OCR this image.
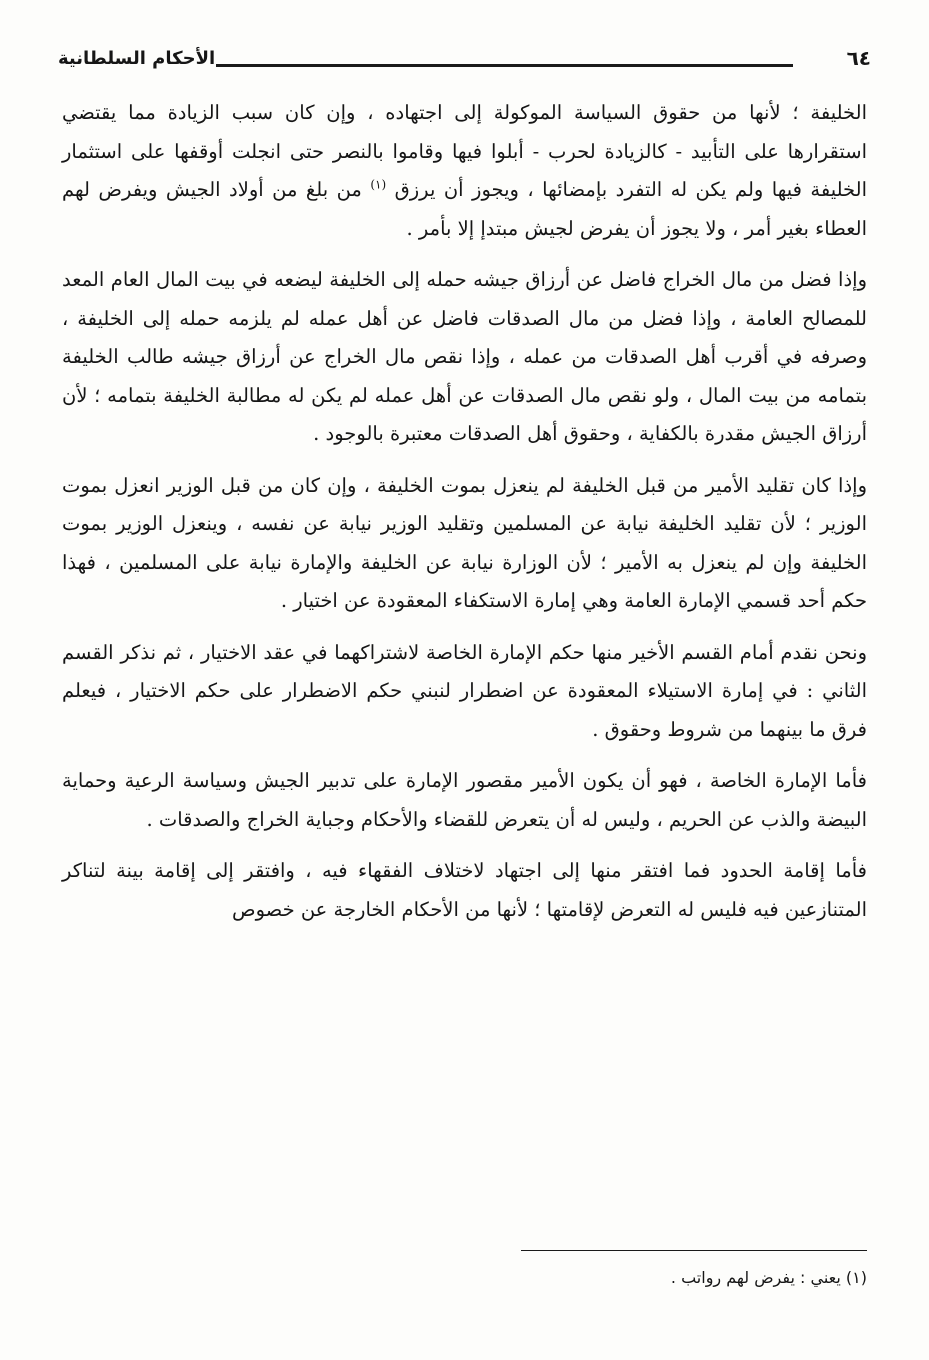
الأحكام السلطانية	٦٤

الخليفة ؛ لأنها من حقوق السياسة الموكولة إلى اجتهاده ، وإن كان سبب الزيادة مما يقتضي استقرارها على التأبيد - كالزيادة لحرب - أبلوا فيها وقاموا بالنصر حتى انجلت أوقفها على استثمار الخليفة فيها ولم يكن له التفرد بإمضائها ، ويجوز أن يرزق $^{(١)}$ من بلغ من أولاد الجيش ويفرض لهم العطاء بغير أمر ، ولا يجوز أن يفرض لجيش مبتدإ إلا بأمر .

وإذا فضل من مال الخراج فاضل عن أرزاق جيشه حمله إلى الخليفة ليضعه في بيت المال العام المعد للمصالح العامة ، وإذا فضل من مال الصدقات فاضل عن أهل عمله لم يلزمه حمله إلى الخليفة ، وصرفه في أقرب أهل الصدقات من عمله ، وإذا نقص مال الخراج عن أرزاق جيشه طالب الخليفة بتمامه من بيت المال ، ولو نقص مال الصدقات عن أهل عمله لم يكن له مطالبة الخليفة بتمامه ؛ لأن أرزاق الجيش مقدرة بالكفاية ، وحقوق أهل الصدقات معتبرة بالوجود .

وإذا كان تقليد الأمير من قبل الخليفة لم ينعزل بموت الخليفة ، وإن كان من قبل الوزير انعزل بموت الوزير ؛ لأن تقليد الخليفة نيابة عن المسلمين وتقليد الوزير نيابة عن نفسه ، وينعزل الوزير بموت الخليفة وإن لم ينعزل به الأمير ؛ لأن الوزارة نيابة عن الخليفة والإمارة نيابة على المسلمين ، فهذا حكم أحد قسمي الإمارة العامة وهي إمارة الاستكفاء المعقودة عن اختيار .

ونحن نقدم أمام القسم الأخير منها حكم الإمارة الخاصة لاشتراكهما في عقد الاختيار ، ثم نذكر القسم الثاني : في إمارة الاستيلاء المعقودة عن اضطرار لنبني حكم الاضطرار على حكم الاختيار ، فيعلم فرق ما بينهما من شروط وحقوق .

فأما الإمارة الخاصة ، فهو أن يكون الأمير مقصور الإمارة على تدبير الجيش وسياسة الرعية وحماية البيضة والذب عن الحريم ، وليس له أن يتعرض للقضاء والأحكام وجباية الخراج والصدقات .

فأما إقامة الحدود فما افتقر منها إلى اجتهاد لاختلاف الفقهاء فيه ، وافتقر إلى إقامة بينة لتناكر المتنازعين فيه فليس له التعرض لإقامتها ؛ لأنها من الأحكام الخارجة عن خصوص

(١) يعني : يفرض لهم رواتب .
